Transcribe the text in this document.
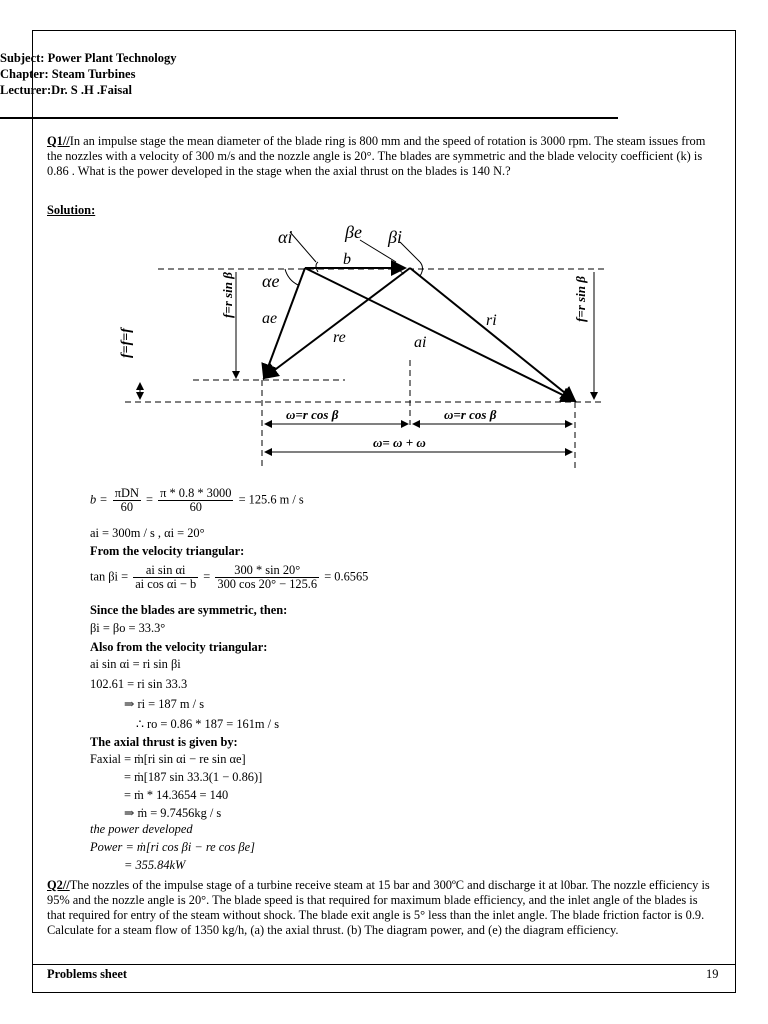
Subject: Power Plant Technology
Chapter: Steam Turbines
Lecturer:Dr. S .H .Faisal
Q1//In an impulse stage the mean diameter of the blade ring is 800 mm and the speed of rotation is 3000 rpm. The steam issues from the nozzles with a velocity of 300 m/s and the nozzle angle is 20°. The blades are symmetric and the blade velocity coefficient (k) is 0.86 . What is the power developed in the stage when the axial thrust on the blades is 140 N.?
Solution:
αi	βe βi
αe
b
ae
re	ai
ri
f=r sin β	f=r sin β
f=f=f
ω=r cos β	ω=r cos β
ω= ω + ω
$b = \frac{\text{πDN}}{60} = \frac{\pi * 0.8 * 3000}{60} = 125.6$ m / s
ai = 300m / s , αi = 20°
From the velocity triangular:
$\tan \beta i = \frac{\text{ai sin αi}}{\text{ai cos αi − b}} = \frac{300 * \sin 20^\circ}{300 \cos 20^\circ - 125.6} = 0.6565$
Since the blades are symmetric, then:
βi = βo = 33.3°
Also from the velocity triangular:
ai sin αi = ri sin βi
102.61 = ri sin 33.3
⇒ ri = 187 m / s
∴ ro = 0.86 * 187 = 161m / s
The axial thrust is given by:
Faxial = ṁ[ri sin αi − re sin αe]
= ṁ[187 sin 33.3(1 − 0.86)]
= ṁ * 14.3654 = 140
⇒ ṁ = 9.7456kg / s
the power developed
Power = ṁ[ri cos βi − re cos βe]
= 355.84kW
Q2//The nozzles of the impulse stage of a turbine receive steam at 15 bar and 300ºC and discharge it at l0bar. The nozzle efficiency is 95% and the nozzle angle is 20°. The blade speed is that required for maximum blade efficiency, and the inlet angle of the blades is that required for entry of the steam without shock. The blade exit angle is 5° less than the inlet angle. The blade friction factor is 0.9. Calculate for a steam flow of 1350 kg/h, (a) the axial thrust. (b) The diagram power, and (e) the diagram efficiency.
Problems sheet	19
